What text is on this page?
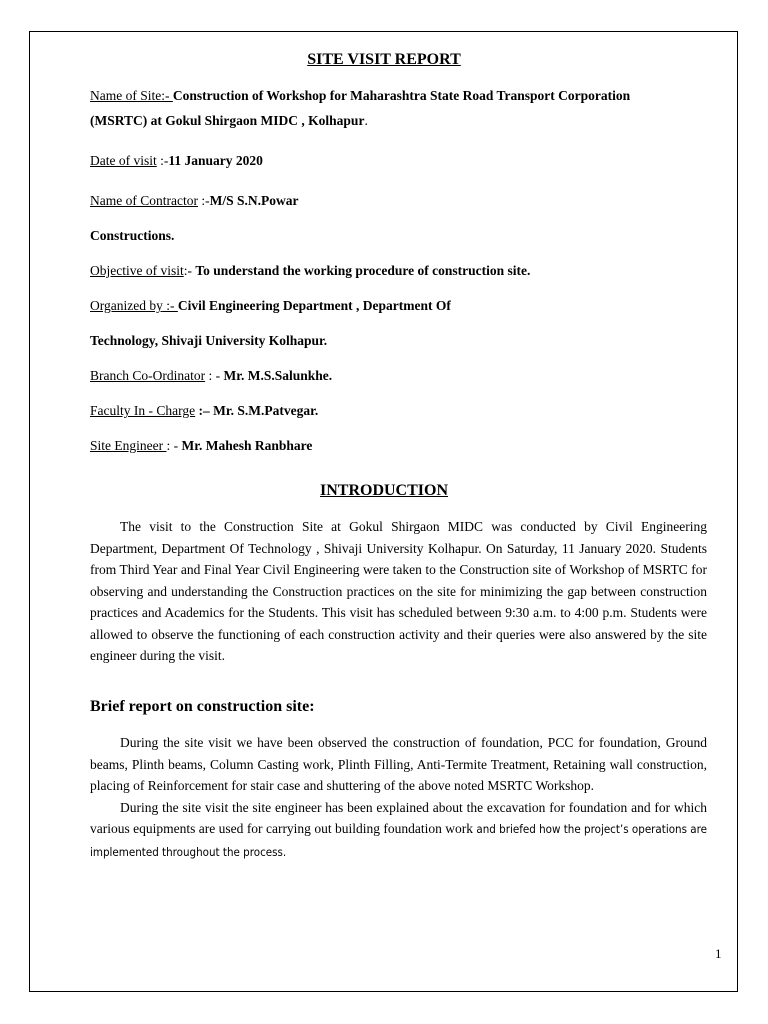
SITE VISIT REPORT
Name of Site:- Construction of Workshop for Maharashtra State Road Transport Corporation
(MSRTC) at Gokul Shirgaon MIDC , Kolhapur.
Date of visit :-11 January 2020
Name of Contractor :-M/S S.N.Powar
Constructions.
Objective of visit:- To understand the working procedure of construction site.
Organized by :- Civil Engineering Department , Department Of
Technology, Shivaji University Kolhapur.
Branch Co-Ordinator : - Mr. M.S.Salunkhe.
Faculty In - Charge :– Mr. S.M.Patvegar.
Site Engineer : - Mr. Mahesh Ranbhare
INTRODUCTION

The visit to the Construction Site at Gokul Shirgaon MIDC was conducted by Civil Engineering Department, Department Of Technology , Shivaji University Kolhapur. On Saturday, 11 January 2020. Students from Third Year and Final Year Civil Engineering were taken to the Construction site of Workshop of MSRTC for observing and understanding the Construction practices on the site for minimizing the gap between construction practices and Academics for the Students. This visit has scheduled between 9:30 a.m. to 4:00 p.m. Students were allowed to observe the functioning of each construction activity and their queries were also answered by the site engineer during the visit.

Brief report on construction site:

During the site visit we have been observed the construction of foundation, PCC for foundation, Ground beams, Plinth beams, Column Casting work, Plinth Filling, Anti-Termite Treatment, Retaining wall construction, placing of Reinforcement for stair case and shuttering of the above noted MSRTC Workshop.

During the site visit the site engineer has been explained about the excavation for foundation and for which various equipments are used for carrying out building foundation work and briefed how the project’s operations are implemented throughout the process.

1
